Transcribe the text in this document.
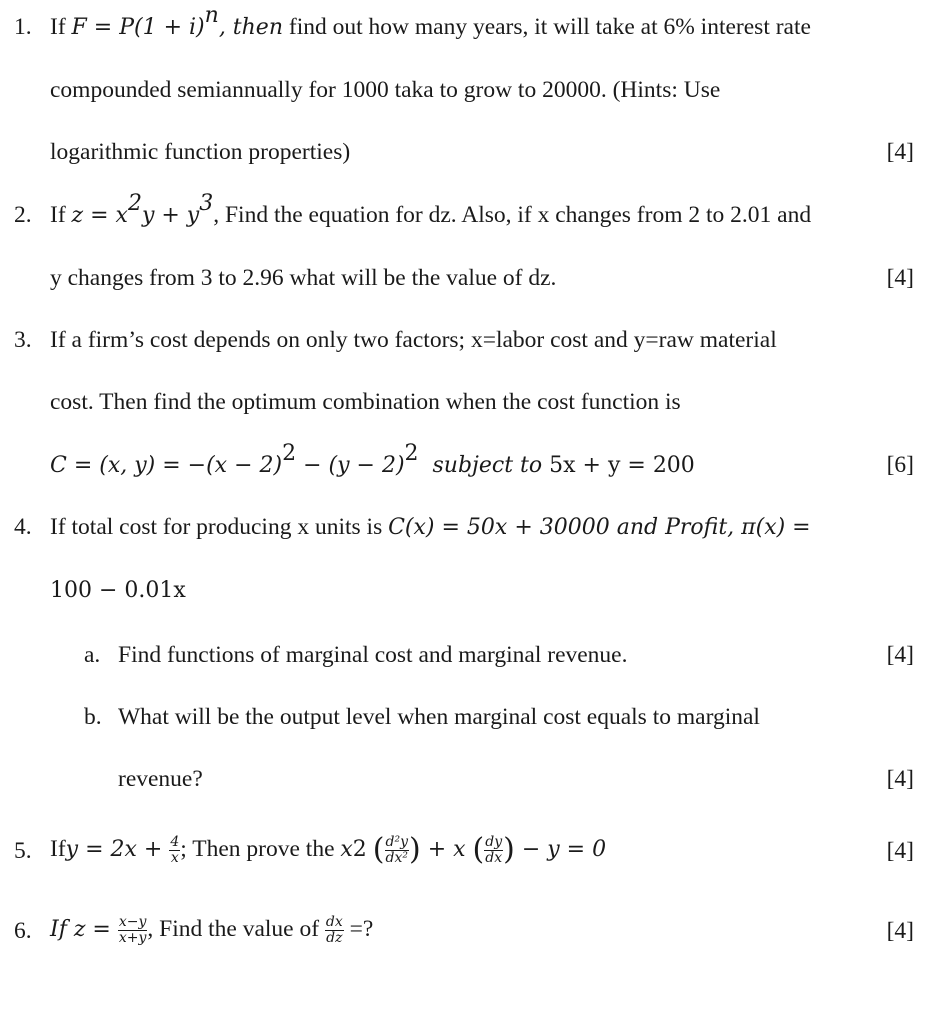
1. If $F = P(1 + i)^n$, then find out how many years, it will take at 6% interest rate
compounded semiannually for 1000 taka to grow to 20000. (Hints: Use
logarithmic function properties)	[4]
2. If $z = x^2y + y^3$, Find the equation for dz. Also, if x changes from 2 to 2.01 and
y changes from 3 to 2.96 what will be the value of dz.	[4]
3. If a firm’s cost depends on only two factors; x=labor cost and y=raw material
cost. Then find the optimum combination when the cost function is
C = (x, $y) = -(x - 2)^2 - (y - 2)^2$  subject to 5x + y = 200	[6]
4. If total cost for producing x units is C(x) = 50x + 30000 and Profit, π(x) =
100 − 0.01x
a. Find functions of marginal cost and marginal revenue.	[4]
b. What will be the output level when marginal cost equals to marginal
revenue?	[4]
5. If $y = 2x + \frac{4}{x}$ ; Then prove the x 2  ( $\frac{\text{d²y}}{\text{dx²}}$ ) + x ( $\frac{dy}{dx}$ ) − y = 0	[4]
6. If $z = \frac{x-y}{x+y}$ , Find the value of $\frac{dx}{dz}$ =?	[4]
